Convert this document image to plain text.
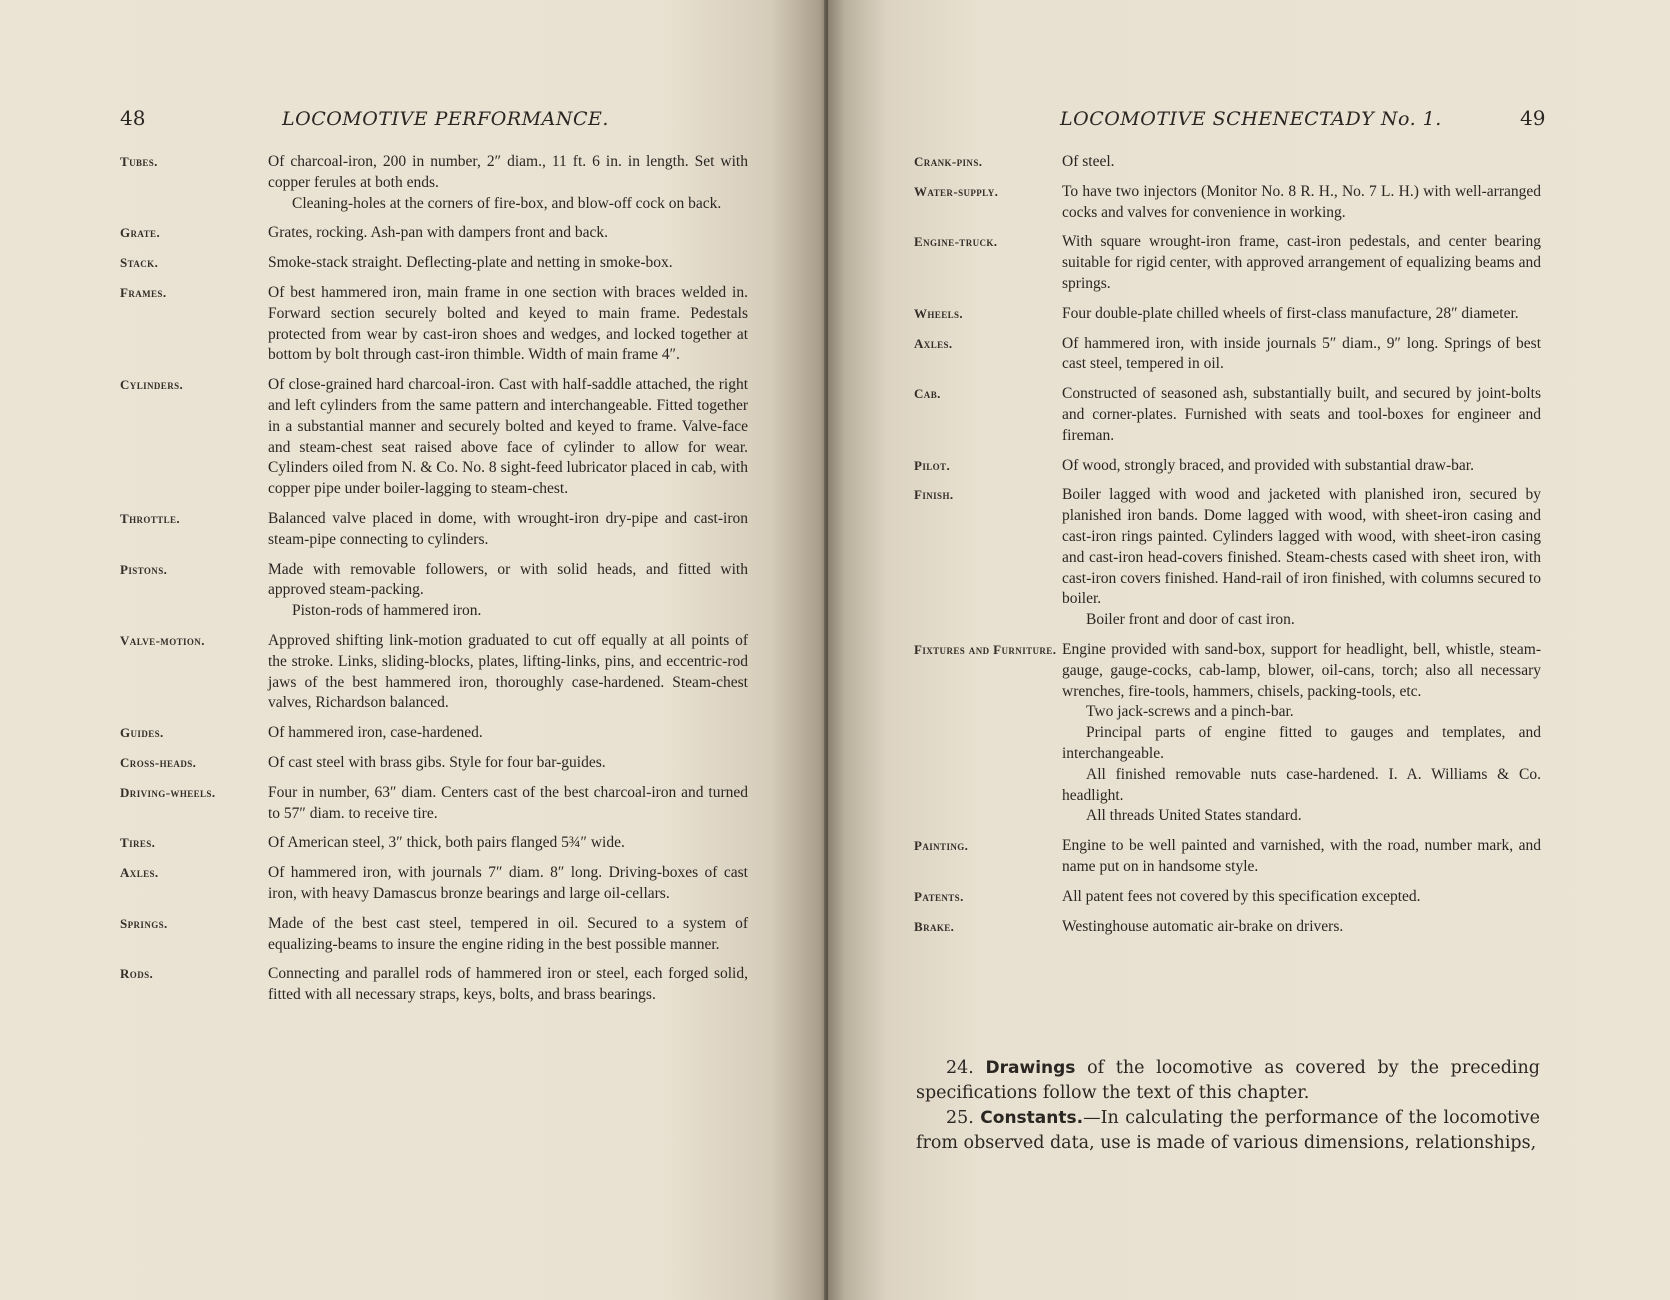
48	LOCOMOTIVE PERFORMANCE.
Tubes.	Of charcoal-iron, 200 in number, 2″ diam., 11 ft. 6 in. in length. Set with copper ferules at both ends.

Cleaning-holes at the corners of fire-box, and blow-off cock on back.

Grate.	Grates, rocking. Ash-pan with dampers front and back.

Stack.	Smoke-stack straight. Deflecting-plate and netting in smoke-box.

Frames.	Of best hammered iron, main frame in one section with braces welded in. Forward section securely bolted and keyed to main frame. Pedestals protected from wear by cast-iron shoes and wedges, and locked together at bottom by bolt through cast-iron thimble. Width of main frame 4″.

Cylinders.	Of close-grained hard charcoal-iron. Cast with half-saddle attached, the right and left cylinders from the same pattern and interchangeable. Fitted together in a substantial manner and securely bolted and keyed to frame. Valve-face and steam-chest seat raised above face of cylinder to allow for wear. Cylinders oiled from N. & Co. No. 8 sight-feed lubricator placed in cab, with copper pipe under boiler-lagging to steam-chest.

Throttle.	Balanced valve placed in dome, with wrought-iron dry-pipe and cast-iron steam-pipe connecting to cylinders.

Pistons.	Made with removable followers, or with solid heads, and fitted with approved steam-packing.

Piston-rods of hammered iron.

Valve-motion.	Approved shifting link-motion graduated to cut off equally at all points of the stroke. Links, sliding-blocks, plates, lifting-links, pins, and eccentric-rod jaws of the best hammered iron, thoroughly case-hardened. Steam-chest valves, Richardson balanced.

Guides.	Of hammered iron, case-hardened.

Cross-heads.	Of cast steel with brass gibs. Style for four bar-guides.

Driving-wheels.	Four in number, 63″ diam. Centers cast of the best charcoal-iron and turned to 57″ diam. to receive tire.

Tires.	Of American steel, 3″ thick, both pairs flanged 5¾″ wide.

Axles.	Of hammered iron, with journals 7″ diam. 8″ long. Driving-boxes of cast iron, with heavy Damascus bronze bearings and large oil-cellars.

Springs.	Made of the best cast steel, tempered in oil. Secured to a system of equalizing-beams to insure the engine riding in the best possible manner.

Rods.	Connecting and parallel rods of hammered iron or steel, each forged solid, fitted with all necessary straps, keys, bolts, and brass bearings.

LOCOMOTIVE SCHENECTADY No. 1.	49
Crank-pins.	Of steel.

Water-supply.	To have two injectors (Monitor No. 8 R. H., No. 7 L. H.) with well-arranged cocks and valves for convenience in working.

Engine-truck.	With square wrought-iron frame, cast-iron pedestals, and center bearing suitable for rigid center, with approved arrangement of equalizing beams and springs.

Wheels.	Four double-plate chilled wheels of first-class manufacture, 28″ diameter.

Axles.	Of hammered iron, with inside journals 5″ diam., 9″ long. Springs of best cast steel, tempered in oil.

Cab.	Constructed of seasoned ash, substantially built, and secured by joint-bolts and corner-plates. Furnished with seats and tool-boxes for engineer and fireman.

Pilot.	Of wood, strongly braced, and provided with substantial draw-bar.

Finish.	Boiler lagged with wood and jacketed with planished iron, secured by planished iron bands. Dome lagged with wood, with sheet-iron casing and cast-iron rings painted. Cylinders lagged with wood, with sheet-iron casing and cast-iron head-covers finished. Steam-chests cased with sheet iron, with cast-iron covers finished. Hand-rail of iron finished, with columns secured to boiler.

Boiler front and door of cast iron.

Fixtures and Furniture. Engine provided with sand-box, support for headlight, bell, whistle, steam-gauge, gauge-cocks, cab-lamp, blower, oil-cans, torch; also all necessary wrenches, fire-tools, hammers, chisels, packing-tools, etc.

Two jack-screws and a pinch-bar.

Principal parts of engine fitted to gauges and templates, and interchangeable.

All finished removable nuts case-hardened. I. A. Williams & Co. headlight.

All threads United States standard.

Painting.	Engine to be well painted and varnished, with the road, number mark, and name put on in handsome style.

Patents.	All patent fees not covered by this specification excepted.

Brake.	Westinghouse automatic air-brake on drivers.

24. Drawings of the locomotive as covered by the preceding specifications follow the text of this chapter.

25. Constants.—In calculating the performance of the locomotive from observed data, use is made of various dimensions, relationships,
